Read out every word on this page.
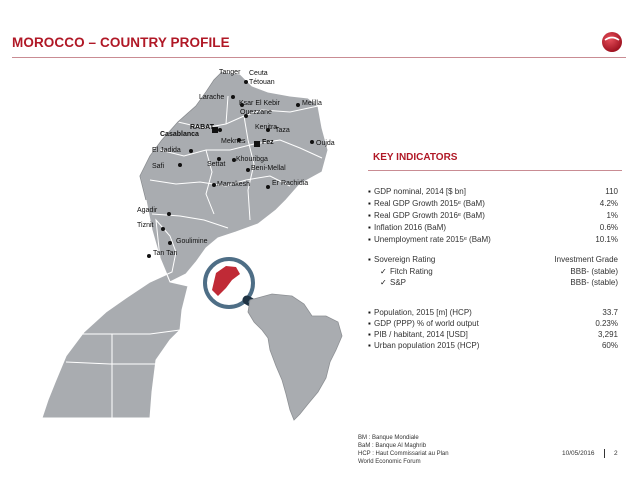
MOROCCO – COUNTRY PROFILE
Tanger Ceuta
Tétouan
Larache
Ksar El Kebir	Melilla
Ouezzane
RABAT
Casablanca
Kenitra
Taza
Meknes Fez	Oujda
El Jadida
Settat
Khouribga
Safi	Beni-Mellal
Marrakesh	Er Rachidia
Agadir
Tiznit
Goulimine
Tan Tan
KEY INDICATORS
▪ GDP nominal, 2014 [$ bn]	110
▪ Real GDP Growth 2015ᵉ (BaM)	4.2%
▪ Real GDP Growth 2016ᵉ (BaM)	1%
▪ Inflation 2016 (BaM)	0.6%
▪ Unemployment rate 2015ᵉ (BaM)	10.1%
▪ Sovereign Rating	Investment Grade
✓ Fitch Rating	BBB- (stable)
✓ S&P	BBB- (stable)
▪ Population, 2015 [m] (HCP)	33.7
▪ GDP (PPP) % of world output	0.23%
▪ PIB / habitant, 2014 [USD]	3,291
▪ Urban population 2015 (HCP)	60%
BM : Banque Mondiale
BaM : Banque Al Maghrib
HCP : Haut Commissariat au Plan
World Economic Forum
10/05/2016	2
